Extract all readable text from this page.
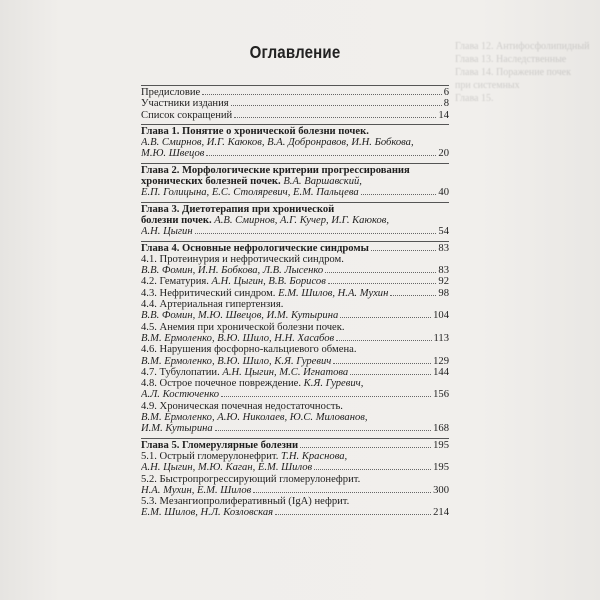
Глава 12. Антифосфолипидный
Глава 13. Наследственные
Глава 14. Поражение почек
при системных
Глава 15.
Оглавление
Предисловие	6
Участники издания	8
Список сокращений	14
Глава 1. Понятие о хронической болезни почек.
А.В. Смирнов, И.Г. Каюков, В.А. Добронравов, И.Н. Бобкова,
М.Ю. Швецов	20
Глава 2. Морфологические критерии прогрессирования
хронических болезней почек. В.А. Варшавский,
Е.П. Голицына, Е.С. Столяревич, Е.М. Пальцева	40
Глава 3. Диетотерапия при хронической
болезни почек. А.В. Смирнов, А.Г. Кучер, И.Г. Каюков,
А.Н. Цыгин	54
Глава 4. Основные нефрологические синдромы	83
4.1. Протеинурия и нефротический синдром.
В.В. Фомин, И.Н. Бобкова, Л.В. Лысенко	83
4.2. Гематурия. А.Н. Цыгин, В.В. Борисов	92
4.3. Нефритический синдром. Е.М. Шилов, Н.А. Мухин	98
4.4. Артериальная гипертензия.
В.В. Фомин, М.Ю. Швецов, И.М. Кутырина	104
4.5. Анемия при хронической болезни почек.
В.М. Ермоленко, В.Ю. Шило, Н.Н. Хасабов	113
4.6. Нарушения фосфорно-кальциевого обмена.
В.М. Ермоленко, В.Ю. Шило, К.Я. Гуревич	129
4.7. Тубулопатии. А.Н. Цыгин, М.С. Игнатова	144
4.8. Острое почечное повреждение. К.Я. Гуревич,
А.Л. Костюченко	156
4.9. Хроническая почечная недостаточность.
В.М. Ермоленко, А.Ю. Николаев, Ю.С. Милованов,
И.М. Кутырина	168
Глава 5. Гломерулярные болезни	195
5.1. Острый гломерулонефрит. Т.Н. Краснова,
А.Н. Цыгин, М.Ю. Каган, Е.М. Шилов	195
5.2. Быстропрогрессирующий гломерулонефрит.
Н.А. Мухин, Е.М. Шилов	300
5.3. Мезангиопролиферативный (IgA) нефрит.
Е.М. Шилов, Н.Л. Козловская	214
